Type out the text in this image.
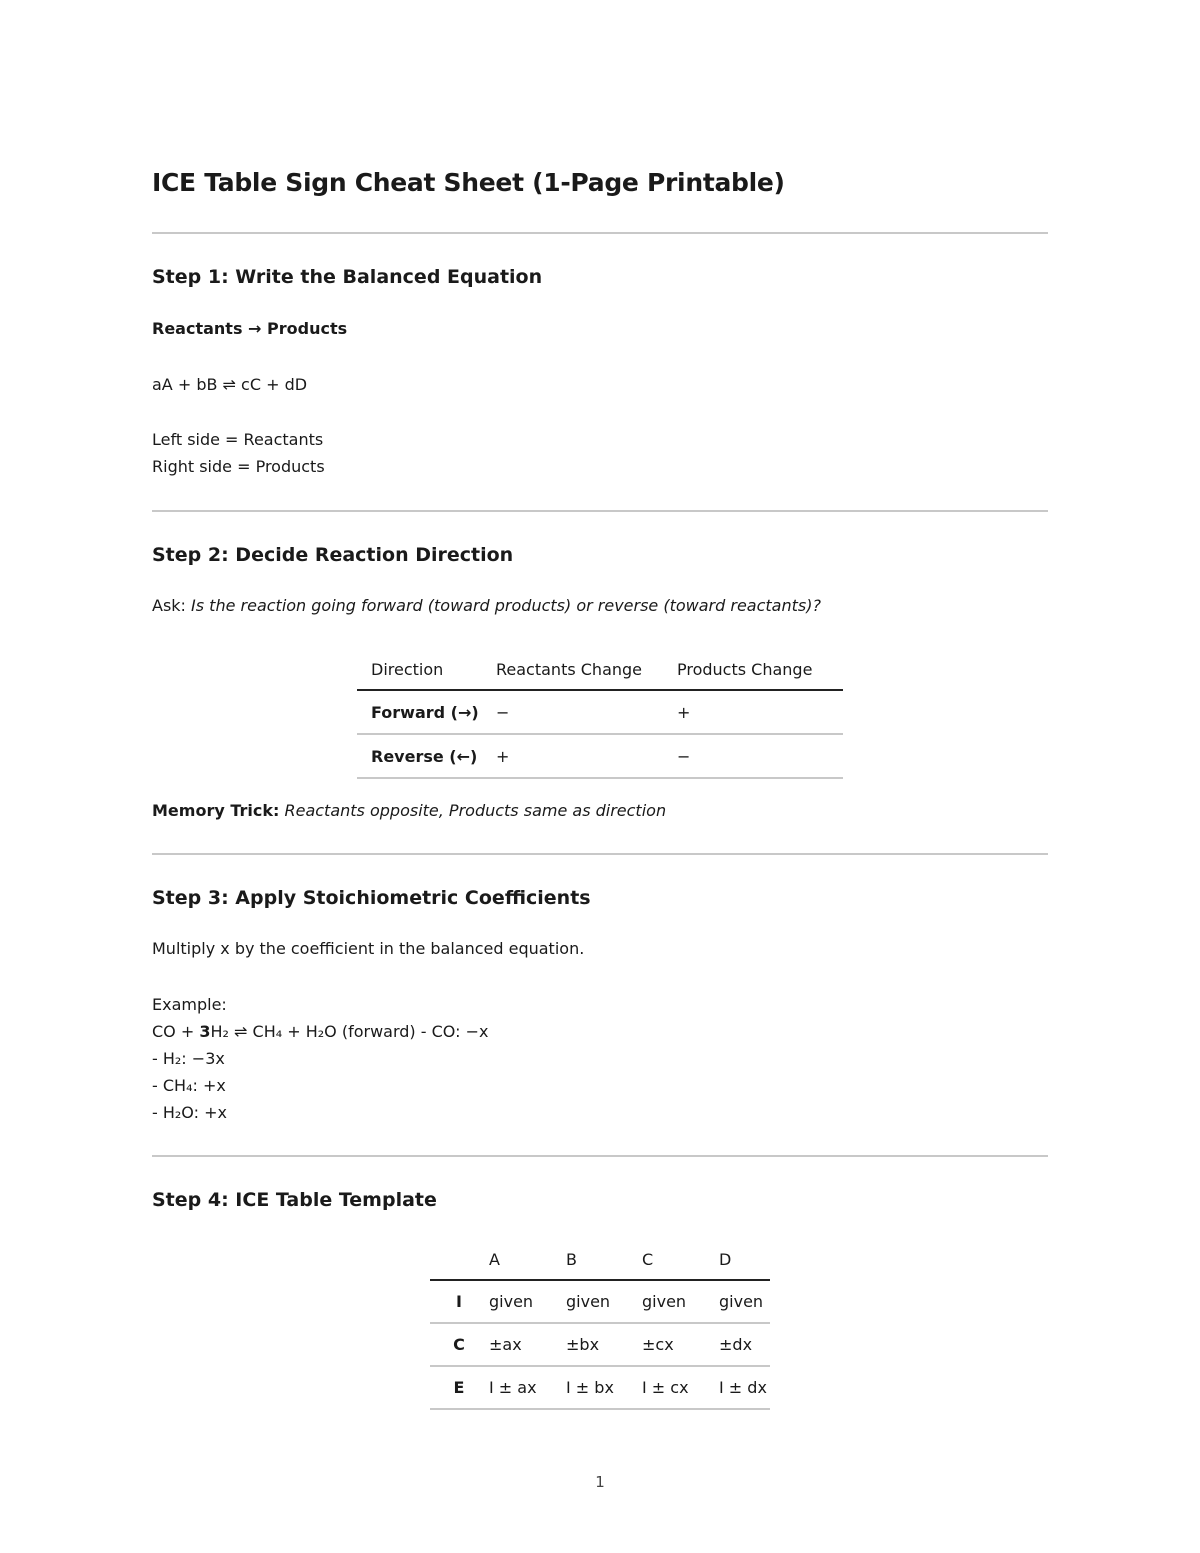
ICE Table Sign Cheat Sheet (1-Page Printable)
Step 1: Write the Balanced Equation
Reactants → Products
aA + bB ⇌ cC + dD
Left side = Reactants
Right side = Products
Step 2: Decide Reaction Direction
Ask: Is the reaction going forward (toward products) or reverse (toward reactants)?
Direction	Reactants Change	Products Change
Forward (→)	−	+
Reverse (←)	+	−
Memory Trick: Reactants opposite, Products same as direction
Step 3: Apply Stoichiometric Coefficients
Multiply x by the coefficient in the balanced equation.
Example:
CO + 3H₂ ⇌ CH₄ + H₂O (forward) - CO: −x
- H₂: −3x
- CH₄: +x
- H₂O: +x
Step 4: ICE Table Template
	A	B	C	D
I	given	given	given	given
C	±ax	±bx	±cx	±dx
E	I ± ax	I ± bx	I ± cx	I ± dx
1
